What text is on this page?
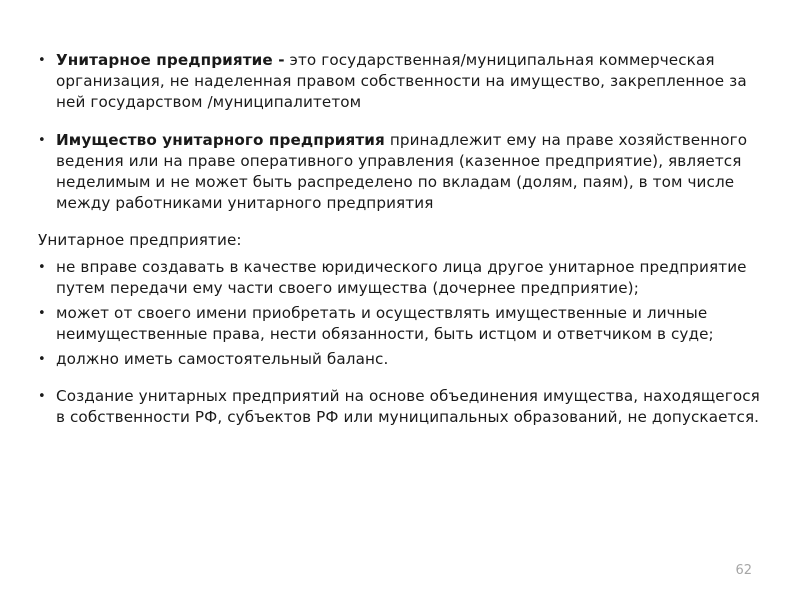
• Унитарное предприятие - это государственная/муниципальная коммерческая организация, не наделенная правом собственности на имущество, закрепленное за ней государством /муниципалитетом
• Имущество унитарного предприятия принадлежит ему на праве хозяйственного ведения или на праве оперативного управления (казенное предприятие), является неделимым и не может быть распределено по вкладам (долям, паям), в том числе между работниками унитарного предприятия
Унитарное предприятие:
• не вправе создавать в качестве юридического лица другое унитарное предприятие путем передачи ему части своего имущества (дочернее предприятие);
• может от своего имени приобретать и осуществлять имущественные и личные неимущественные права, нести обязанности, быть истцом и ответчиком в суде;
• должно иметь самостоятельный баланс.
• Создание унитарных предприятий на основе объединения имущества, находящегося в собственности РФ, субъектов РФ или муниципальных образований, не допускается.
62
